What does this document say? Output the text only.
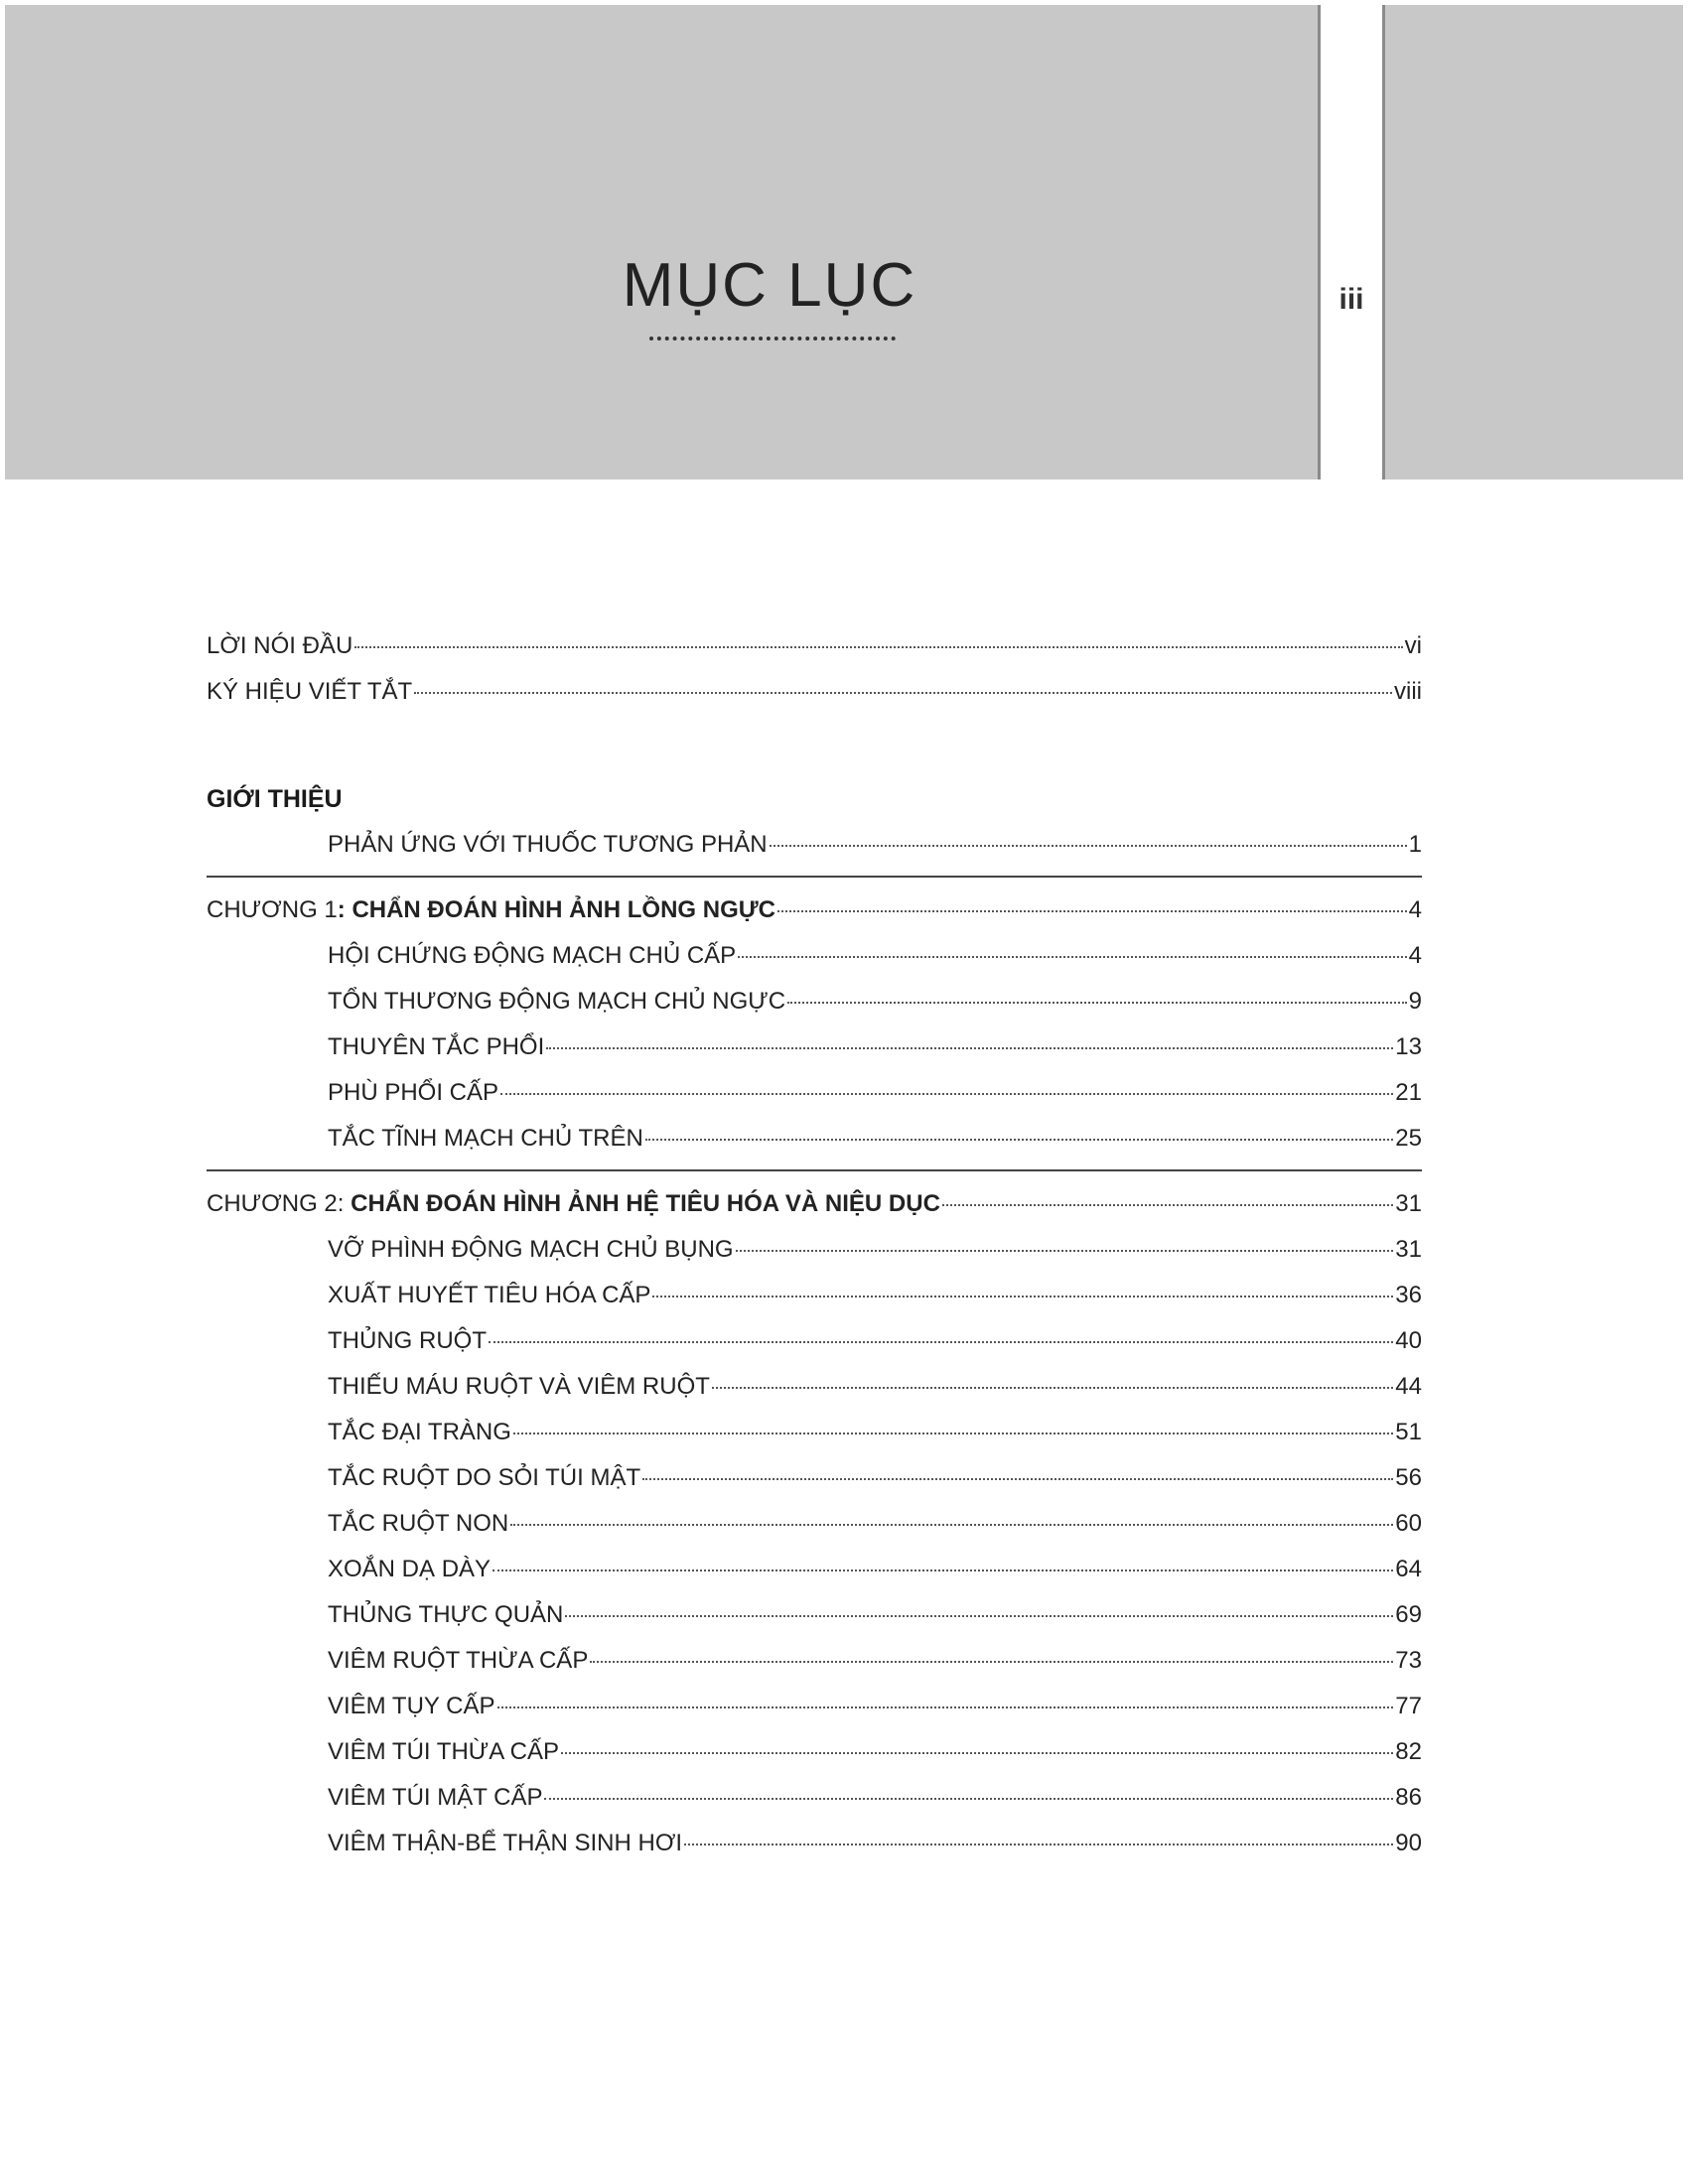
MỤC LỤC	iii
LỜI NÓI ĐẦU	vi
KÝ HIỆU VIẾT TẮT	viii
GIỚI THIỆU
PHẢN ỨNG VỚI THUỐC TƯƠNG PHẢN	1
CHƯƠNG 1: CHẨN ĐOÁN HÌNH ẢNH LỒNG NGỰC	4
HỘI CHỨNG ĐỘNG MẠCH CHỦ CẤP	4
TỔN THƯƠNG ĐỘNG MẠCH CHỦ NGỰC	9
THUYÊN TẮC PHỔI	13
PHÙ PHỔI CẤP	21
TẮC TĨNH MẠCH CHỦ TRÊN	25
CHƯƠNG 2: CHẨN ĐOÁN HÌNH ẢNH HỆ TIÊU HÓA VÀ NIỆU DỤC	31
VỠ PHÌNH ĐỘNG MẠCH CHỦ BỤNG	31
XUẤT HUYẾT TIÊU HÓA CẤP	36
THỦNG RUỘT	40
THIẾU MÁU RUỘT VÀ VIÊM RUỘT	44
TẮC ĐẠI TRÀNG	51
TẮC RUỘT DO SỎI TÚI MẬT	56
TẮC RUỘT NON	60
XOẮN DẠ DÀY	64
THỦNG THỰC QUẢN	69
VIÊM RUỘT THỪA CẤP	73
VIÊM TỤY CẤP	77
VIÊM TÚI THỪA CẤP	82
VIÊM TÚI MẬT CẤP	86
VIÊM THẬN-BỂ THẬN SINH HƠI	90
